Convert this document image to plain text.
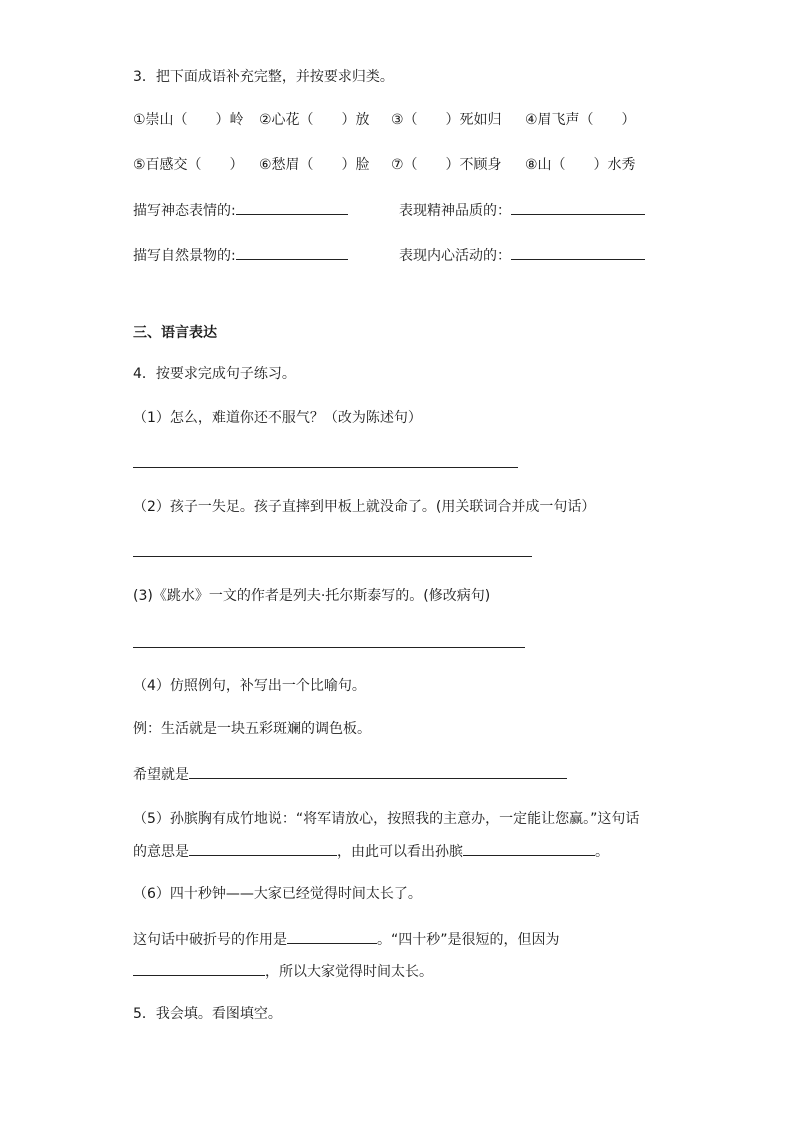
3．把下面成语补充完整，并按要求归类。
①崇山（　　）岭 ②心花（　　）放 ③（　　）死如归 ④眉飞声（　　）
⑤百感交（　　） ⑥愁眉（　　）脸 ⑦（　　）不顾身 ⑧山（　　）水秀
描写神态表情的:	表现精神品质的：
描写自然景物的:	表现内心活动的：
三、语言表达
4．按要求完成句子练习。
（1）怎么，难道你还不服气？（改为陈述句）
（2）孩子一失足。孩子直摔到甲板上就没命了。(用关联词合并成一句话）
(3)《跳水》一文的作者是列夫·托尔斯泰写的。(修改病句)
（4）仿照例句，补写出一个比喻句。
例：生活就是一块五彩斑斓的调色板。
希望就是
（5）孙膑胸有成竹地说：“将军请放心，按照我的主意办，一定能让您赢。”这句话
的意思是	，由此可以看出孙膑	。
（6）四十秒钟——大家已经觉得时间太长了。
这句话中破折号的作用是	。“四十秒”是很短的，但因为
，所以大家觉得时间太长。
5．我会填。看图填空。
